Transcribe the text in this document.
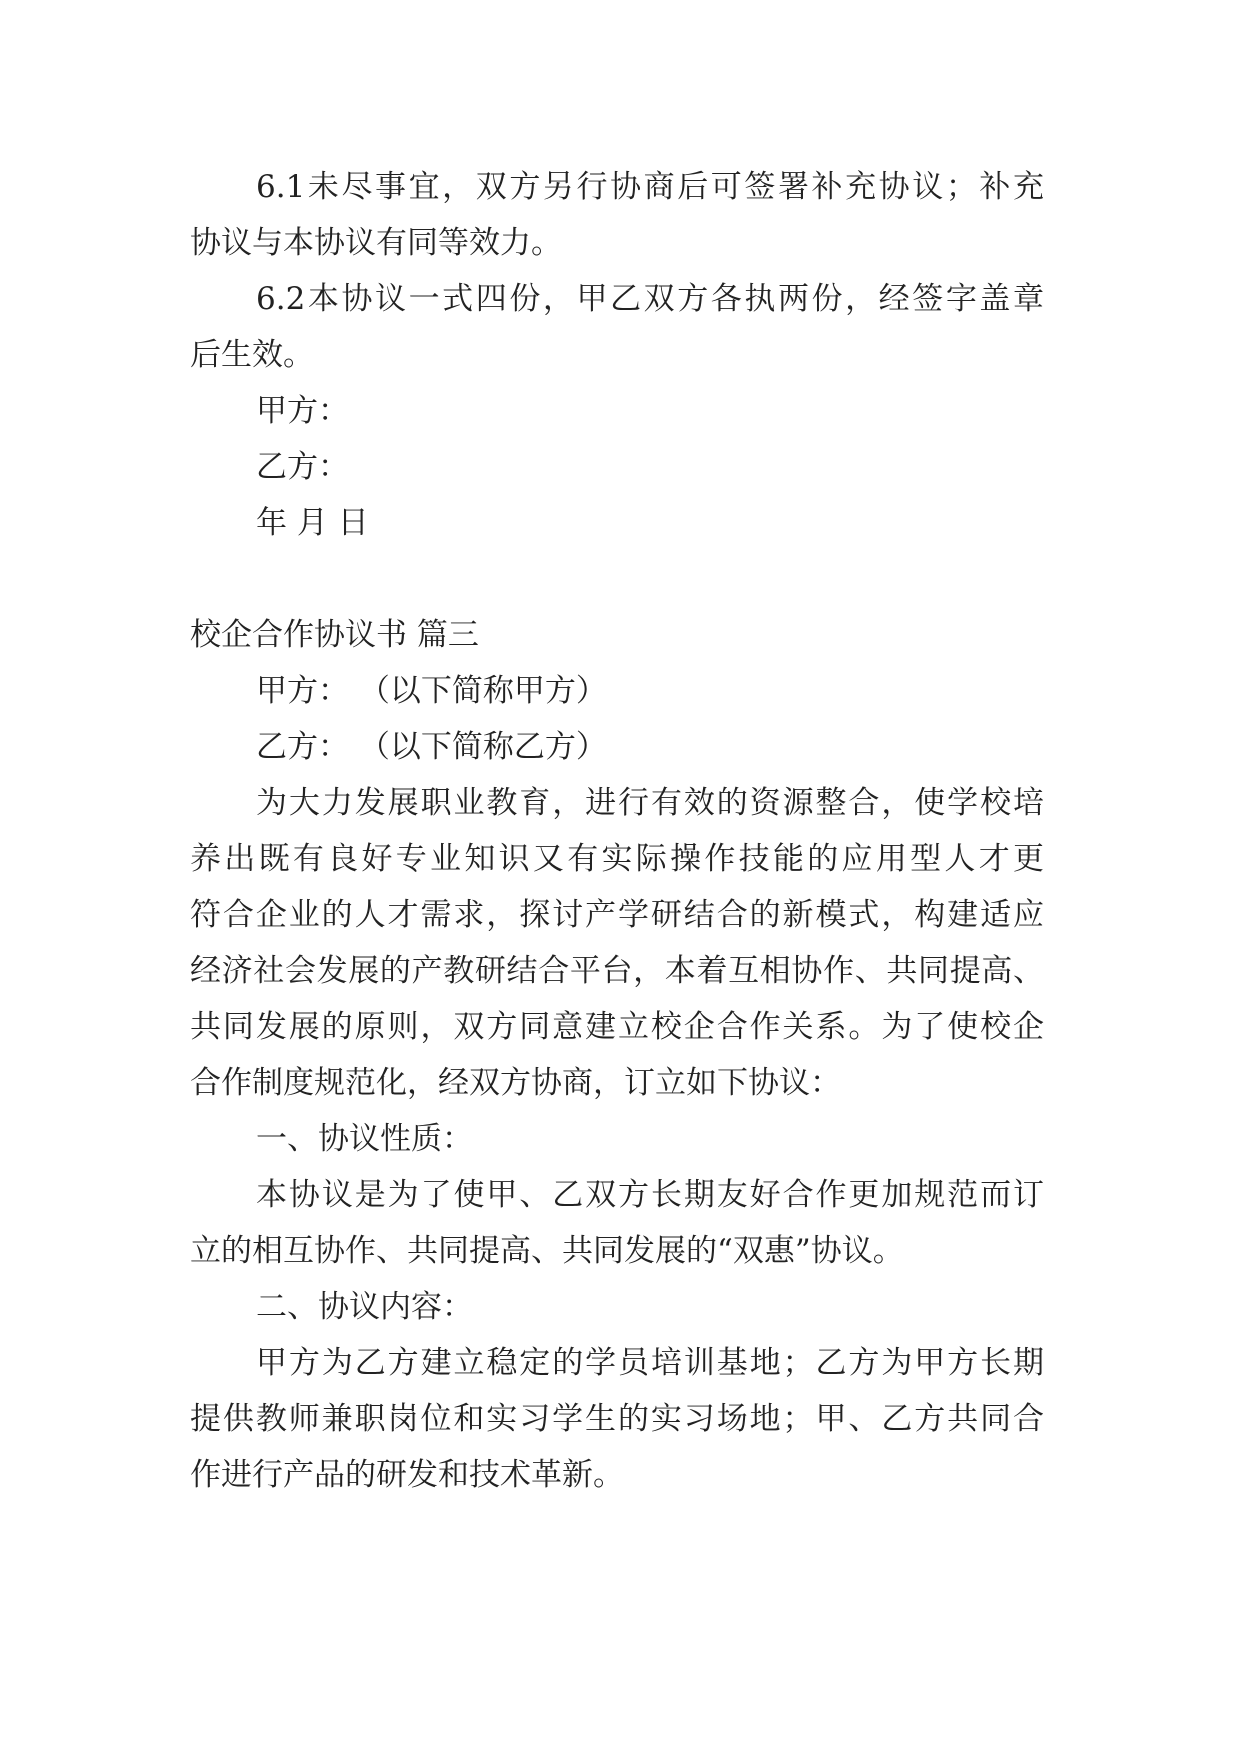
6.1未尽事宜，双方另行协商后可签署补充协议；补充
协议与本协议有同等效力。
6.2本协议一式四份，甲乙双方各执两份，经签字盖章
后生效。
甲方：
乙方：
年 月 日
校企合作协议书 篇三
甲方： （以下简称甲方）
乙方： （以下简称乙方）
为大力发展职业教育，进行有效的资源整合，使学校培
养出既有良好专业知识又有实际操作技能的应用型人才更
符合企业的人才需求，探讨产学研结合的新模式，构建适应
经济社会发展的产教研结合平台，本着互相协作、共同提高、
共同发展的原则，双方同意建立校企合作关系。为了使校企
合作制度规范化，经双方协商，订立如下协议：
一、协议性质：
本协议是为了使甲、乙双方长期友好合作更加规范而订
立的相互协作、共同提高、共同发展的“双惠”协议。
二、协议内容：
甲方为乙方建立稳定的学员培训基地；乙方为甲方长期
提供教师兼职岗位和实习学生的实习场地；甲、乙方共同合
作进行产品的研发和技术革新。
